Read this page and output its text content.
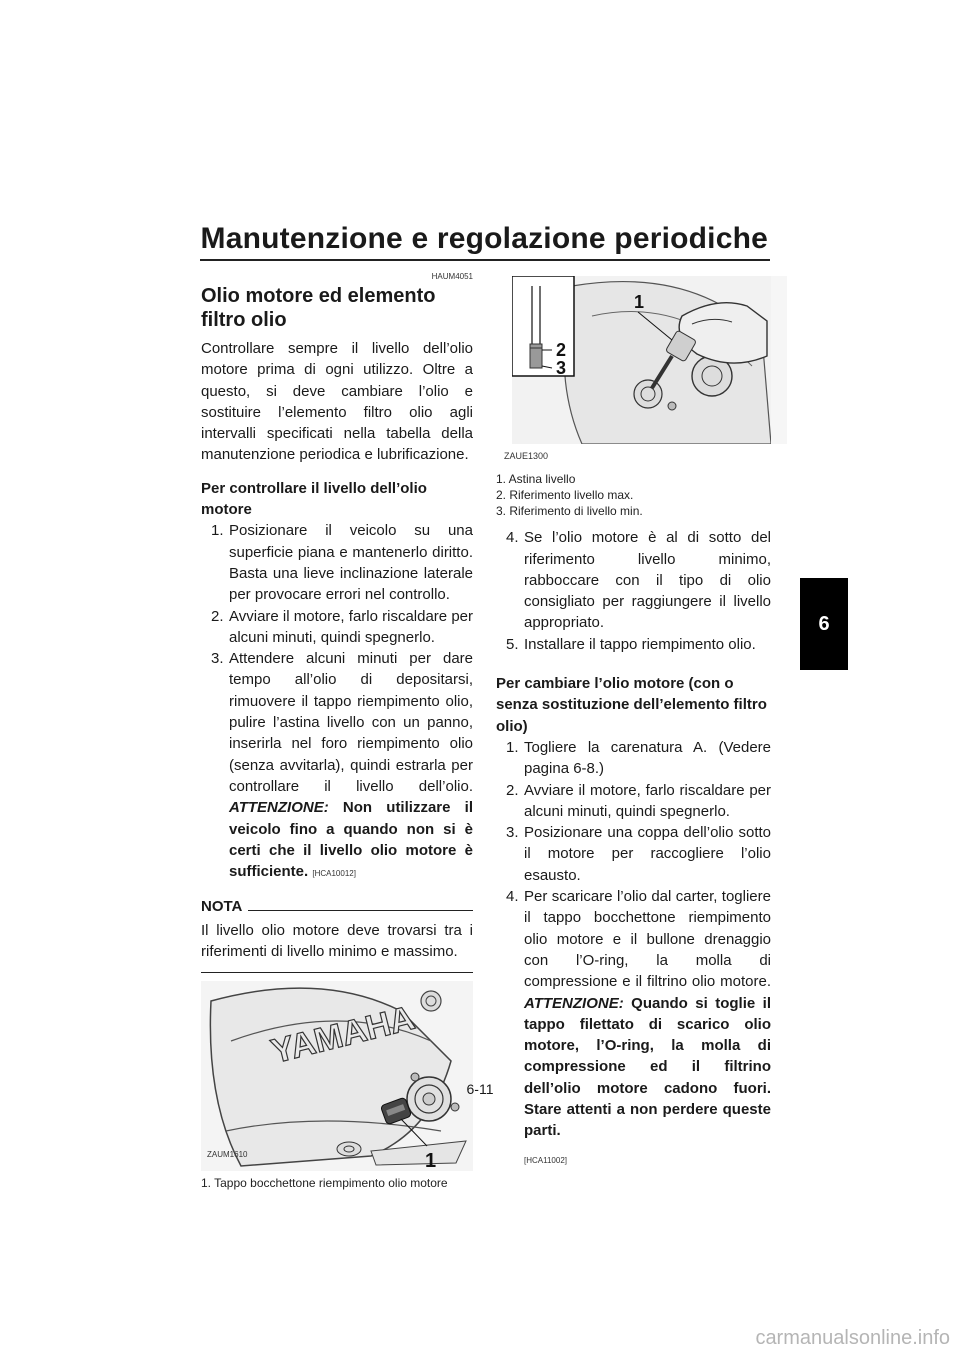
Manutenzione e regolazione periodiche
6
HAUM4051
Olio motore ed elemento filtro olio

Controllare sempre il livello dell’olio motore prima di ogni utilizzo. Oltre a questo, si deve cambiare l’olio e sostituire l’elemento filtro olio agli intervalli specificati nella tabella della manutenzione periodica e lubrificazione.

Per controllare il livello dell’olio motore

1. Posizionare il veicolo su una superficie piana e mantenerlo diritto. Basta una lieve inclinazione laterale per provocare errori nel controllo.
2. Avviare il motore, farlo riscaldare per alcuni minuti, quindi spegnerlo.
3. Attendere alcuni minuti per dare tempo all’olio di depositarsi, rimuovere il tappo riempimento olio, pulire l’astina livello con un panno, inserirla nel foro riempimento olio (senza avvitarla), quindi estrarla per controllare il livello dell’olio. ATTENZIONE: Non utilizzare il veicolo fino a quando non si è certi che il livello olio motore è sufficiente. [HCA10012]
NOTA

Il livello olio motore deve trovarsi tra i riferimenti di livello minimo e massimo.

YAMAHA
1
ZAUM1610
1. Tappo bocchettone riempimento olio motore
2
3
1
ZAUE1300
1. Astina livello
2. Riferimento livello max.
3. Riferimento di livello min.
4. Se l’olio motore è al di sotto del riferimento livello minimo, rabboccare con il tipo di olio consigliato per raggiungere il livello appropriato.
5. Installare il tappo riempimento olio.

Per cambiare l’olio motore (con o senza sostituzione dell’elemento filtro olio)

1. Togliere la carenatura A. (Vedere pagina 6-8.)
2. Avviare il motore, farlo riscaldare per alcuni minuti, quindi spegnerlo.
3. Posizionare una coppa dell’olio sotto il motore per raccogliere l’olio esausto.
4. Per scaricare l’olio dal carter, togliere il tappo bocchettone riempimento olio motore e il bullone drenaggio con l’O-ring, la molla di compressione e il filtrino olio motore. ATTENZIONE: Quando si toglie il tappo filettato di scarico olio motore, l’O-ring, la molla di compressione ed il filtrino dell’olio motore cadono fuori. Stare attenti a non perdere queste parti.
[HCA11002]
6-11
carmanualsonline.info
